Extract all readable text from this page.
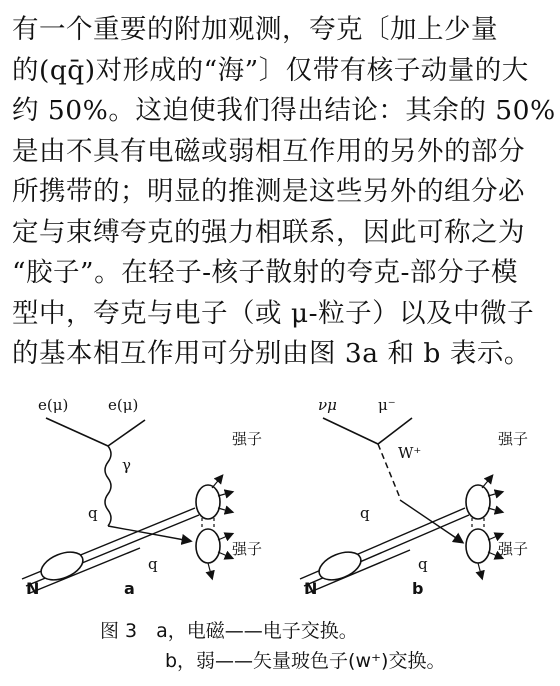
有一个重要的附加观测，夸克〔加上少量
的(qq̄)对形成的“海”〕仅带有核子动量的大
约 50%。这迫使我们得出结论：其余的 50%
是由不具有电磁或弱相互作用的另外的部分
所携带的；明显的推测是这些另外的组分必
定与束缚夸克的强力相联系，因此可称之为
“胶子”。在轻子-核子散射的夸克-部分子模
型中，夸克与电子（或 μ-粒子）以及中微子
的基本相互作用可分别由图 3a 和 b 表示。

e(μ)	e(μ)
γ
N
q
q
强子
强子
a
νμ	μ⁻
W⁺
N
q
q
强子
强子
b
图 3　a，电磁——电子交换。
b，弱——矢量玻色子(w⁺)交换。
